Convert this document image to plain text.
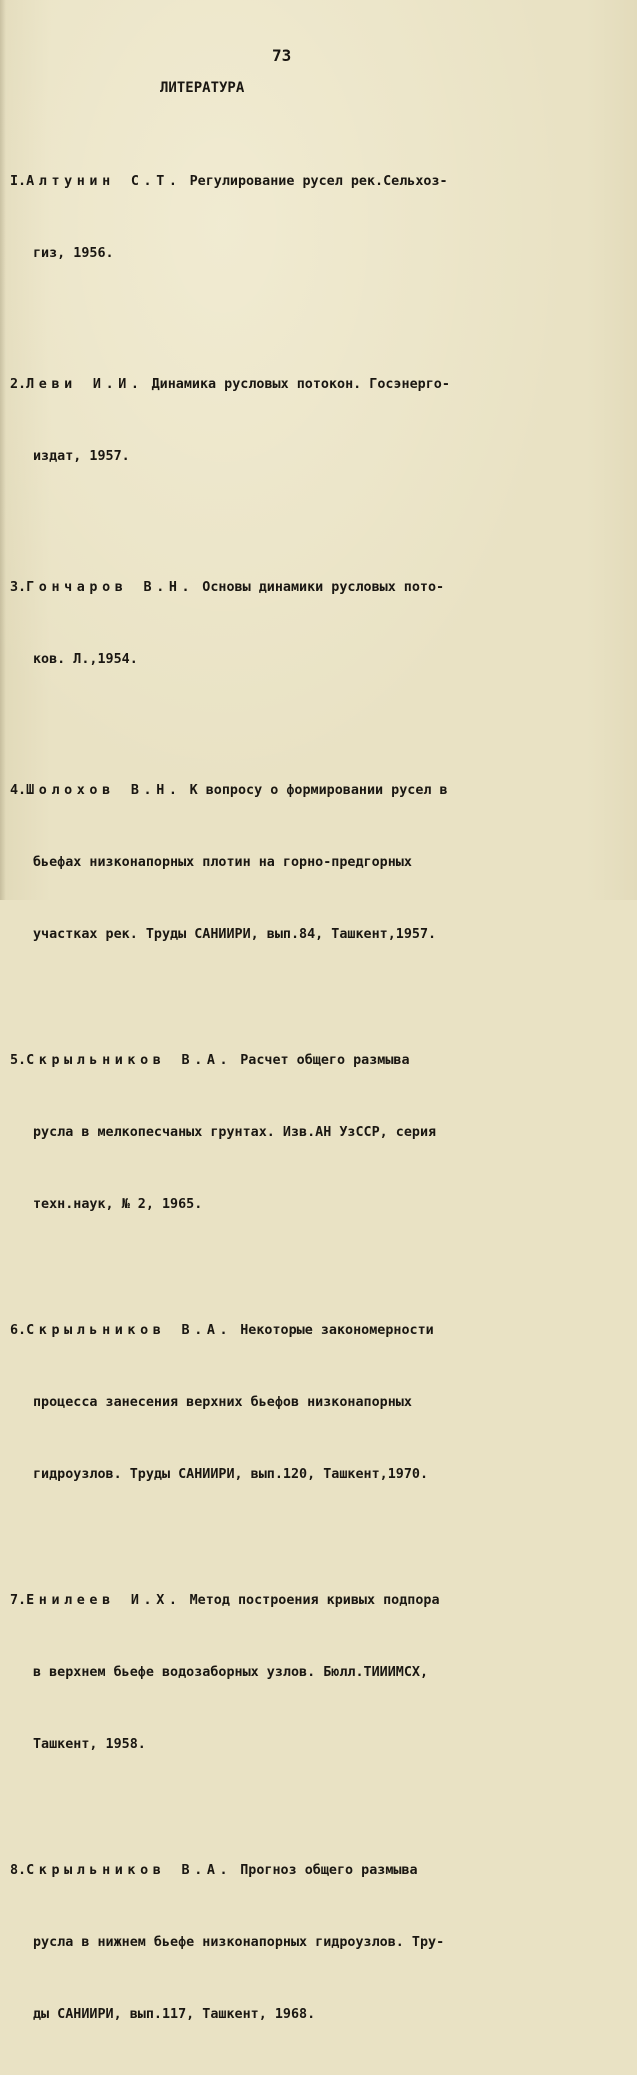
73
ЛИТЕРАТУРА

I.Алтунин С.Т. Регулирование русел рек.Сельхоз-

гиз, 1956.

2.Леви И.И. Динамика русловых потокон. Госэнерго-

издат, 1957.

3.Гончаров В.Н. Основы динамики русловых пото-

ков. Л.,1954.

4.Шолохов В.Н. К вопросу о формировании русел в

бьефах низконапорных плотин на горно-предгорных

участках рек. Труды САНИИРИ, вып.84, Ташкент,1957.

5.Скрыльников В.А. Расчет общего размыва

русла в мелкопесчаных грунтах. Изв.АН УзССР, серия

техн.наук, № 2, 1965.

6.Скрыльников В.А. Некоторые закономерности

процесса занесения верхних бьефов низконапорных

гидроузлов. Труды САНИИРИ, вып.120, Ташкент,1970.

7.Енилеев И.Х. Метод построения кривых подпора

в верхнем бьефе водозаборных узлов. Бюлл.ТИИИМСХ,

Ташкент, 1958.

8.Скрыльников В.А. Прогноз общего размыва

русла в нижнем бьефе низконапорных гидроузлов. Тру-

ды САНИИРИ, вып.117, Ташкент, 1968.
